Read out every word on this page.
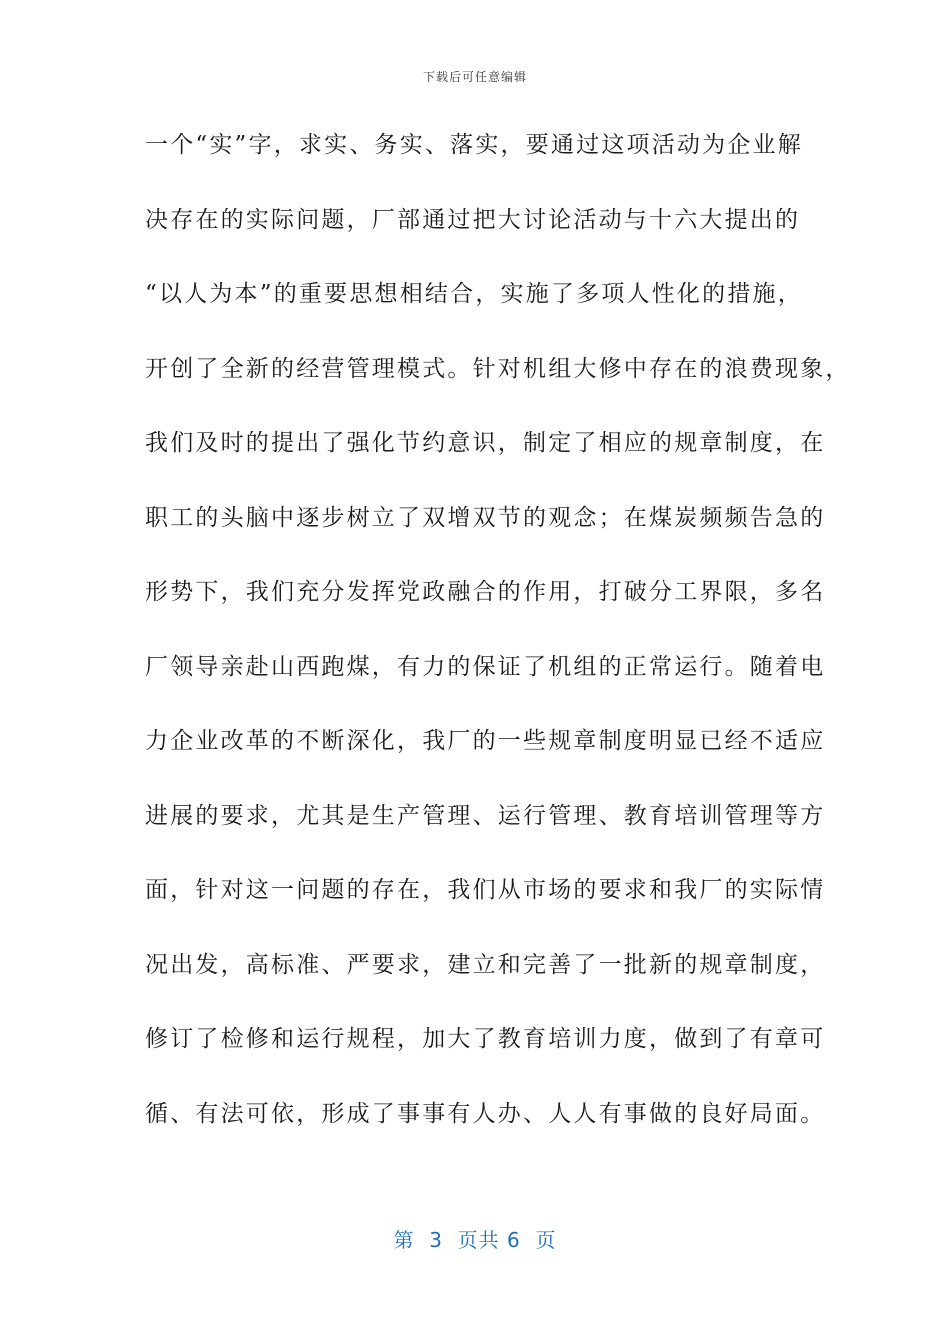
下载后可任意编辑
一个“实”字，求实、务实、落实，要通过这项活动为企业解
决存在的实际问题，厂部通过把大讨论活动与十六大提出的
“以人为本”的重要思想相结合，实施了多项人性化的措施，
开创了全新的经营管理模式。针对机组大修中存在的浪费现象，
我们及时的提出了强化节约意识，制定了相应的规章制度，在
职工的头脑中逐步树立了双增双节的观念；在煤炭频频告急的
形势下，我们充分发挥党政融合的作用，打破分工界限，多名
厂领导亲赴山西跑煤，有力的保证了机组的正常运行。随着电
力企业改革的不断深化，我厂的一些规章制度明显已经不适应
进展的要求，尤其是生产管理、运行管理、教育培训管理等方
面，针对这一问题的存在，我们从市场的要求和我厂的实际情
况出发，高标准、严要求，建立和完善了一批新的规章制度，
修订了检修和运行规程，加大了教育培训力度，做到了有章可
循、有法可依，形成了事事有人办、人人有事做的良好局面。
第  3  页共 6  页
